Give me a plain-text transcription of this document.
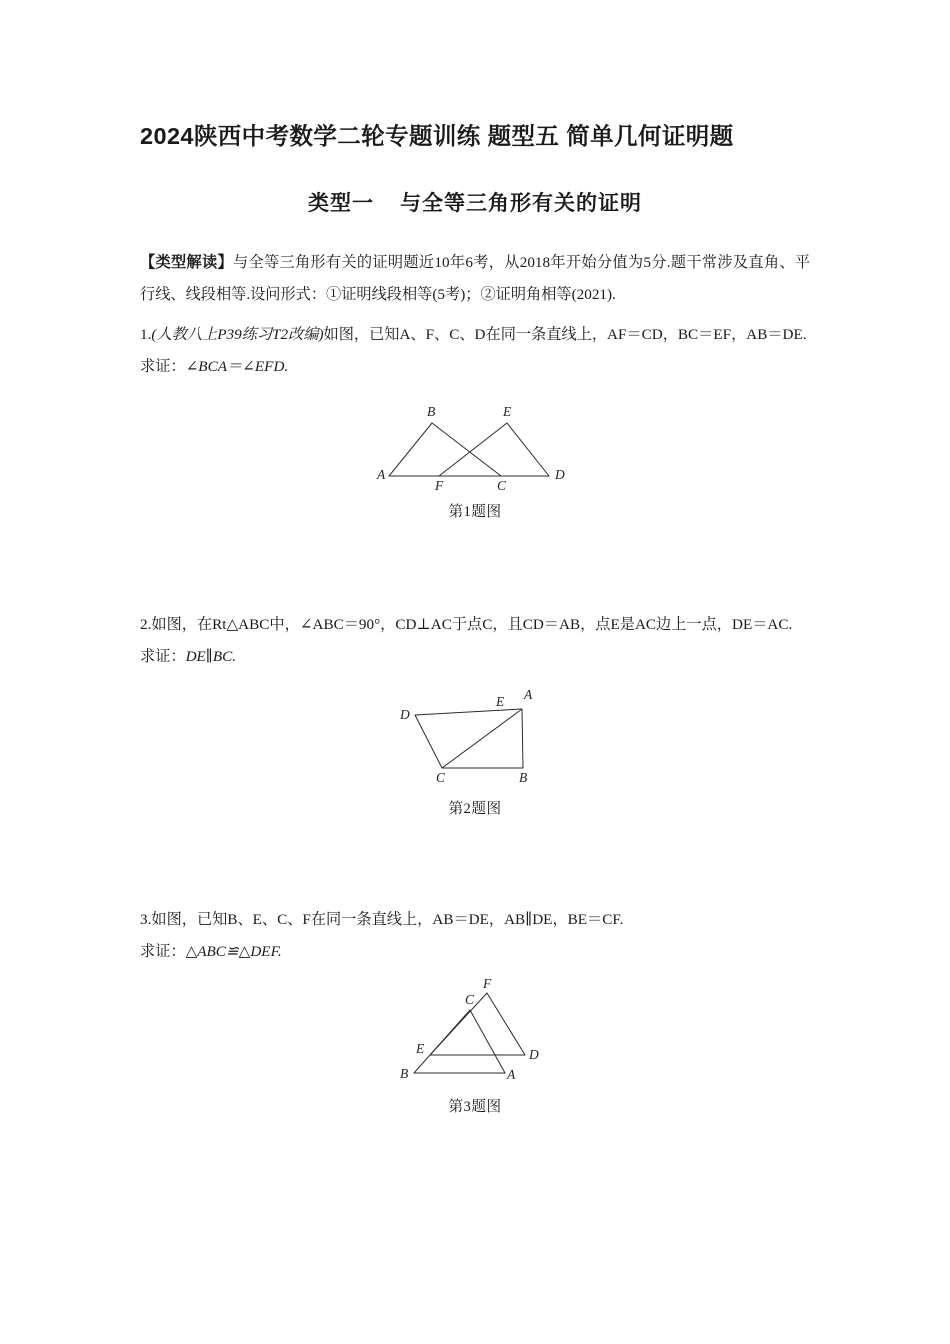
2024陕西中考数学二轮专题训练 题型五 简单几何证明题
类型一 与全等三角形有关的证明

【类型解读】与全等三角形有关的证明题近10年6考，从2018年开始分值为5分.题干常涉及直角、平行线、线段相等.设问形式：①证明线段相等(5考)；②证明角相等(2021).

1.(人教八上P39练习T2改编)如图，已知A、F、C、D在同一条直线上，AF＝CD，BC＝EF，AB＝DE.

求证：∠BCA＝∠EFD.

A
B
C
D
E
F
第1题图

2.如图，在Rt△ABC中，∠ABC＝90°，CD⊥AC于点C，且CD＝AB，点E是AC边上一点，DE＝AC.

求证：DE∥BC.

D
E A
C	B
第2题图

3.如图，已知B、E、C、F在同一条直线上，AB＝DE，AB∥DE，BE＝CF.

求证：△ABC≌△DEF.

B	A
C
E	D
F
第3题图
